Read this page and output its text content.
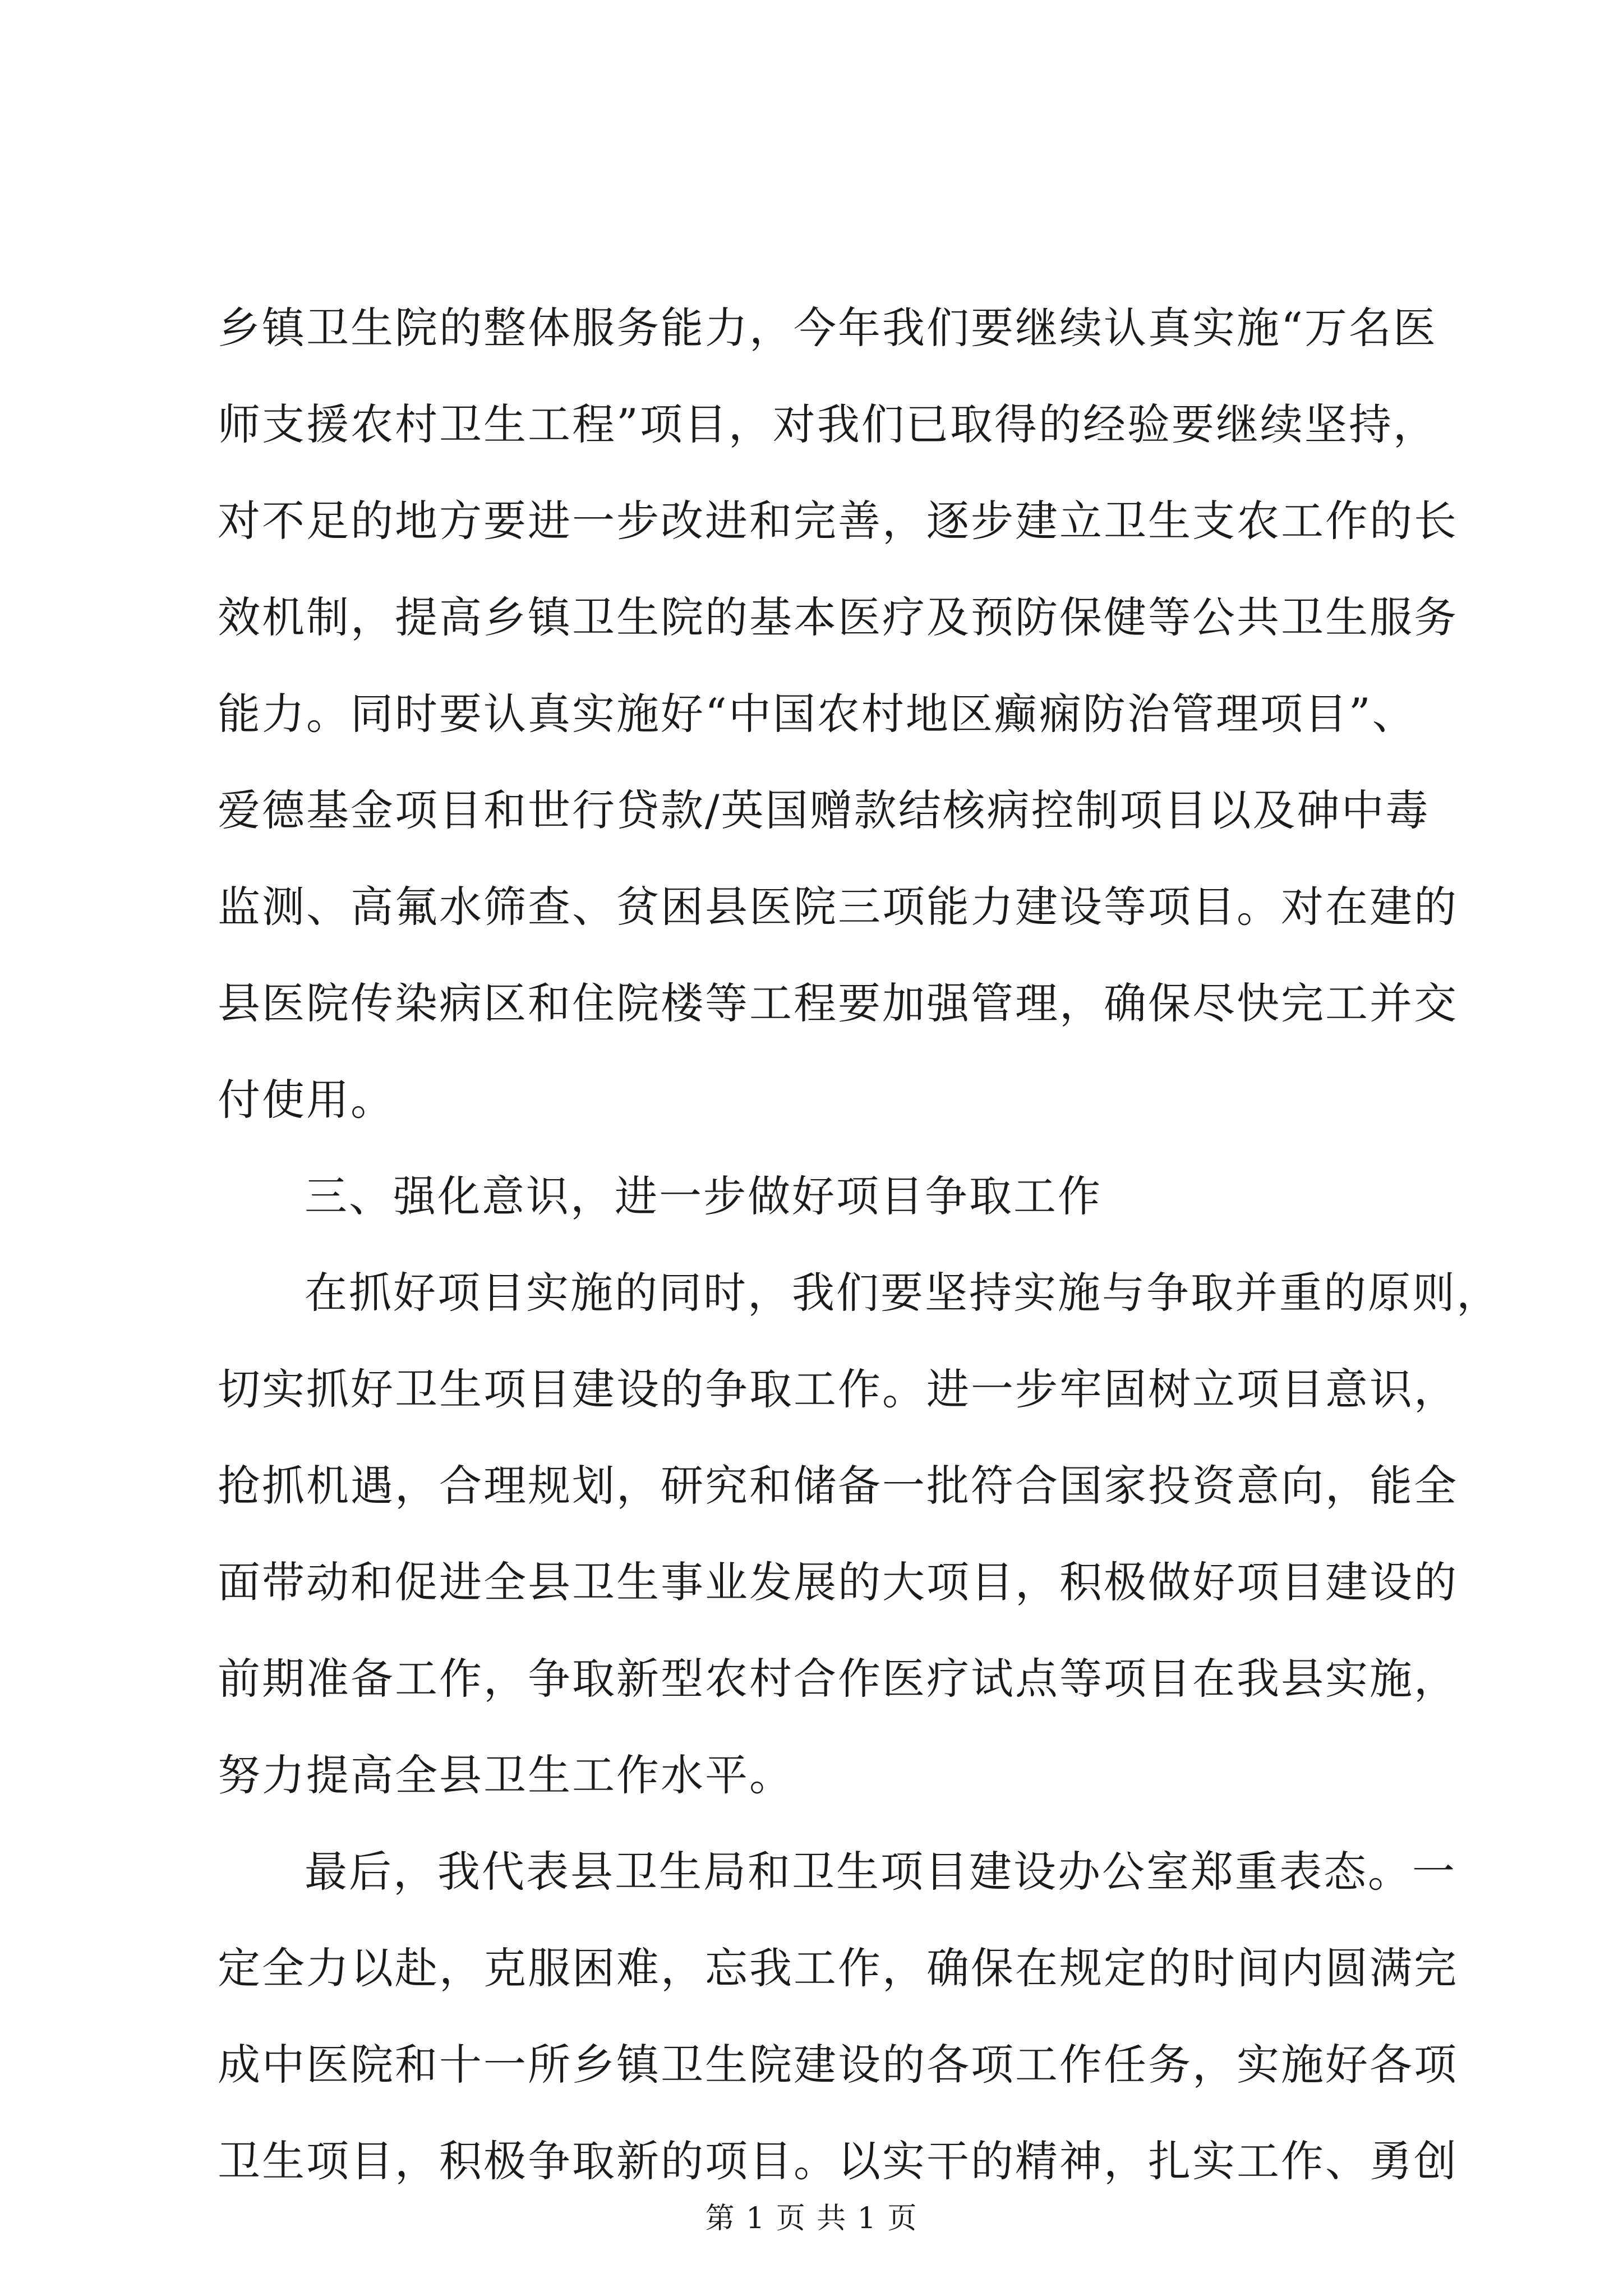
乡镇卫生院的整体服务能力，今年我们要继续认真实施“万名医
师支援农村卫生工程”项目，对我们已取得的经验要继续坚持，
对不足的地方要进一步改进和完善，逐步建立卫生支农工作的长
效机制，提高乡镇卫生院的基本医疗及预防保健等公共卫生服务
能力。同时要认真实施好“中国农村地区癫痫防治管理项目”、
爱德基金项目和世行贷款/英国赠款结核病控制项目以及砷中毒
监测、高氟水筛查、贫困县医院三项能力建设等项目。对在建的
县医院传染病区和住院楼等工程要加强管理，确保尽快完工并交
付使用。
三、强化意识，进一步做好项目争取工作
在抓好项目实施的同时，我们要坚持实施与争取并重的原则，
切实抓好卫生项目建设的争取工作。进一步牢固树立项目意识，
抢抓机遇，合理规划，研究和储备一批符合国家投资意向，能全
面带动和促进全县卫生事业发展的大项目，积极做好项目建设的
前期准备工作，争取新型农村合作医疗试点等项目在我县实施，
努力提高全县卫生工作水平。
最后，我代表县卫生局和卫生项目建设办公室郑重表态。一
定全力以赴，克服困难，忘我工作，确保在规定的时间内圆满完
成中医院和十一所乡镇卫生院建设的各项工作任务，实施好各项
卫生项目，积极争取新的项目。以实干的精神，扎实工作、勇创
第 1 页 共 1 页
